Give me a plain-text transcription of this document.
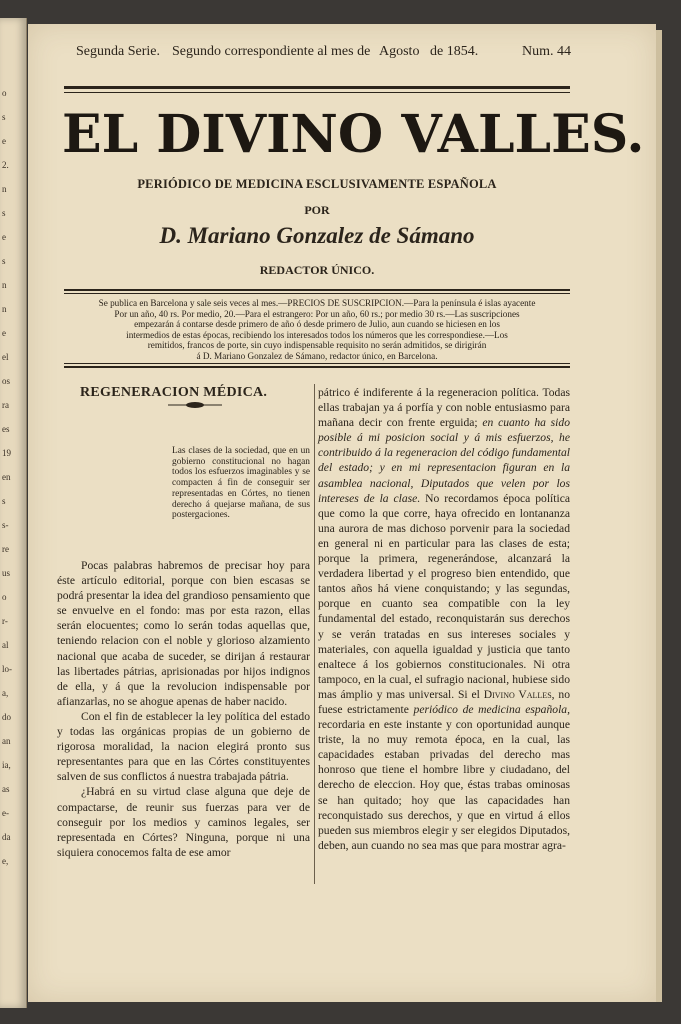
o
s
e
2.
n
s
e
s
n
n
e
el
os
ra
es
19
en
s
s-
re
us
o
r-
al
lo-
a,
do
an
ia,
as
e-
da
e,
Segunda Serie. Segundo correspondiente al mes de Agosto de 1854.	Num. 44
EL DIVINO VALLES.
PERIÓDICO DE MEDICINA ESCLUSIVAMENTE ESPAÑOLA
POR
D. Mariano Gonzalez de Sámano
REDACTOR ÚNICO.
Se publica en Barcelona y sale seis veces al mes.—PRECIOS DE SUSCRIPCION.—Para la península é islas ayacente
Por un año, 40 rs. Por medio, 20.—Para el estrangero: Por un año, 60 rs.; por medio 30 rs.—Las suscripciones
empezarán á contarse desde primero de año ó desde primero de Julio, aun cuando se hiciesen en los
intermedios de estas épocas, recibiendo los interesados todos los números que les correspondiese.—Los
remitidos, francos de porte, sin cuyo indispensable requisito no serán admitidos, se dirigirán
á D. Mariano Gonzalez de Sámano, redactor único, en Barcelona.
REGENERACION MÉDICA.
Las clases de la sociedad, que en un gobierno constitucional no hagan todos los esfuerzos imaginables y se compacten á fin de conseguir ser representadas en Córtes, no tienen derecho á quejarse mañana, de sus postergaciones.

Pocas palabras habremos de precisar hoy para éste artículo editorial, porque con bien escasas se podrá presentar la idea del grandioso pensamiento que se envuelve en el fondo: mas por esta razon, ellas serán elocuentes; como lo serán todas aquellas que, teniendo relacion con el noble y glorioso alzamiento nacional que acaba de suceder, se dirijan á restaurar las libertades pátrias, aprisionadas por hijos indignos de ella, y á que la revolucion indispensable por afianzarlas, no se ahogue apenas de haber nacido.

Con el fin de establecer la ley política del estado y todas las orgánicas propias de un gobierno de rigorosa moralidad, la nacion elegirá pronto sus representantes para que en las Córtes constituyentes salven de sus conflictos á nuestra trabajada pátria.

¿Habrá en su virtud clase alguna que deje de compactarse, de reunir sus fuerzas para ver de conseguir por los medios y caminos legales, ser representada en Córtes? Ninguna, porque ni una siquiera conocemos falta de ese amor

pátrico é indiferente á la regeneracion política. Todas ellas trabajan ya á porfía y con noble entusiasmo para mañana decir con frente erguida; en cuanto ha sido posible á mi posicion social y á mis esfuerzos, he contribuido á la regeneracion del código fundamental del estado; y en mi representacion figuran en la asamblea nacional, Diputados que velen por los intereses de la clase. No recordamos época política que como la que corre, haya ofrecido en lontananza una aurora de mas dichoso porvenir para la sociedad en general ni en particular para las clases de esta; porque la primera, regenerándose, alcanzará la verdadera libertad y el progreso bien entendido, que tantos años há viene conquistando; y las segundas, porque en cuanto sea compatible con la ley fundamental del estado, reconquistarán sus derechos y se verán tratadas en sus intereses sociales y materiales, con aquella igualdad y justicia que tanto enaltece á los gobiernos constitucionales. Ni otra tampoco, en la cual, el sufragio nacional, hubiese sido mas ámplio y mas universal. Si el Divino Valles, no fuese estrictamente periódico de medicina española, recordaria en este instante y con oportunidad aunque triste, la no muy remota época, en la cual, las capacidades estaban privadas del derecho mas honroso que tiene el hombre libre y ciudadano, del derecho de eleccion. Hoy que, éstas trabas ominosas se han quitado; hoy que las capacidades han reconquistado sus derechos, y que en virtud á ellos pueden sus miembros elegir y ser elegidos Diputados, deben, aun cuando no sea mas que para mostrar agra-
